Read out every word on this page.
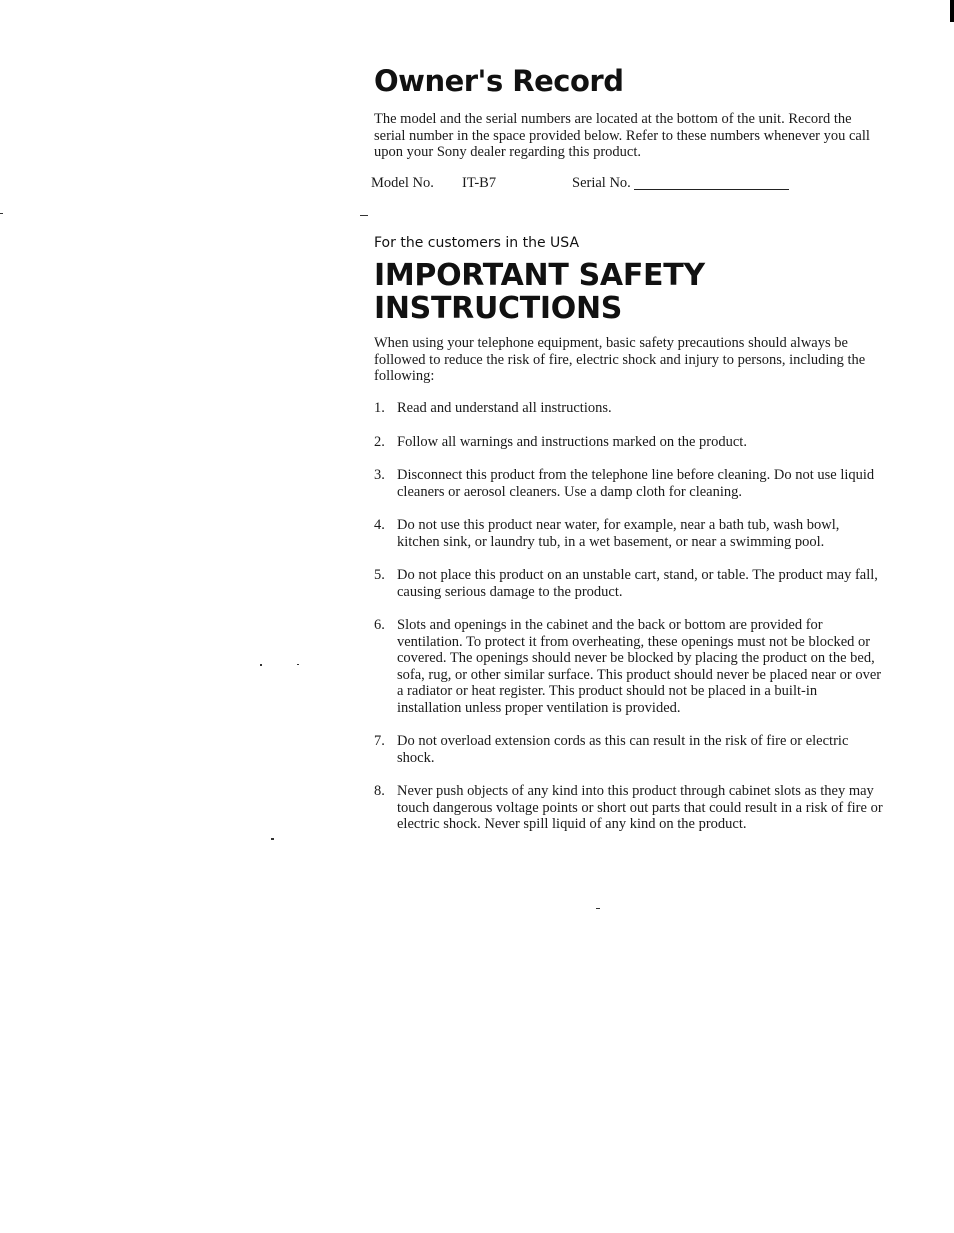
Owner's Record

The model and the serial numbers are located at the bottom of the unit. Record the serial number in the space provided below. Refer to these numbers whenever you call upon your Sony dealer regarding this product.

Model No. IT-B7	Serial No.
For the customers in the USA
IMPORTANT SAFETY
INSTRUCTIONS

When using your telephone equipment, basic safety precautions should always be followed to reduce the risk of fire, electric shock and injury to persons, including the following:

1. Read and understand all instructions.
2. Follow all warnings and instructions marked on the product.
3. Disconnect this product from the telephone line before cleaning. Do not use liquid cleaners or aerosol cleaners. Use a damp cloth for cleaning.
4. Do not use this product near water, for example, near a bath tub, wash bowl, kitchen sink, or laundry tub, in a wet basement, or near a swimming pool.
5. Do not place this product on an unstable cart, stand, or table. The product may fall, causing serious damage to the product.
6. Slots and openings in the cabinet and the back or bottom are provided for ventilation. To protect it from overheating, these openings must not be blocked or covered. The openings should never be blocked by placing the product on the bed, sofa, rug, or other similar surface. This product should never be placed near or over a radiator or heat register. This product should not be placed in a built-in installation unless proper ventilation is provided.
7. Do not overload extension cords as this can result in the risk of fire or electric shock.
8. Never push objects of any kind into this product through cabinet slots as they may touch dangerous voltage points or short out parts that could result in a risk of fire or electric shock. Never spill liquid of any kind on the product.
